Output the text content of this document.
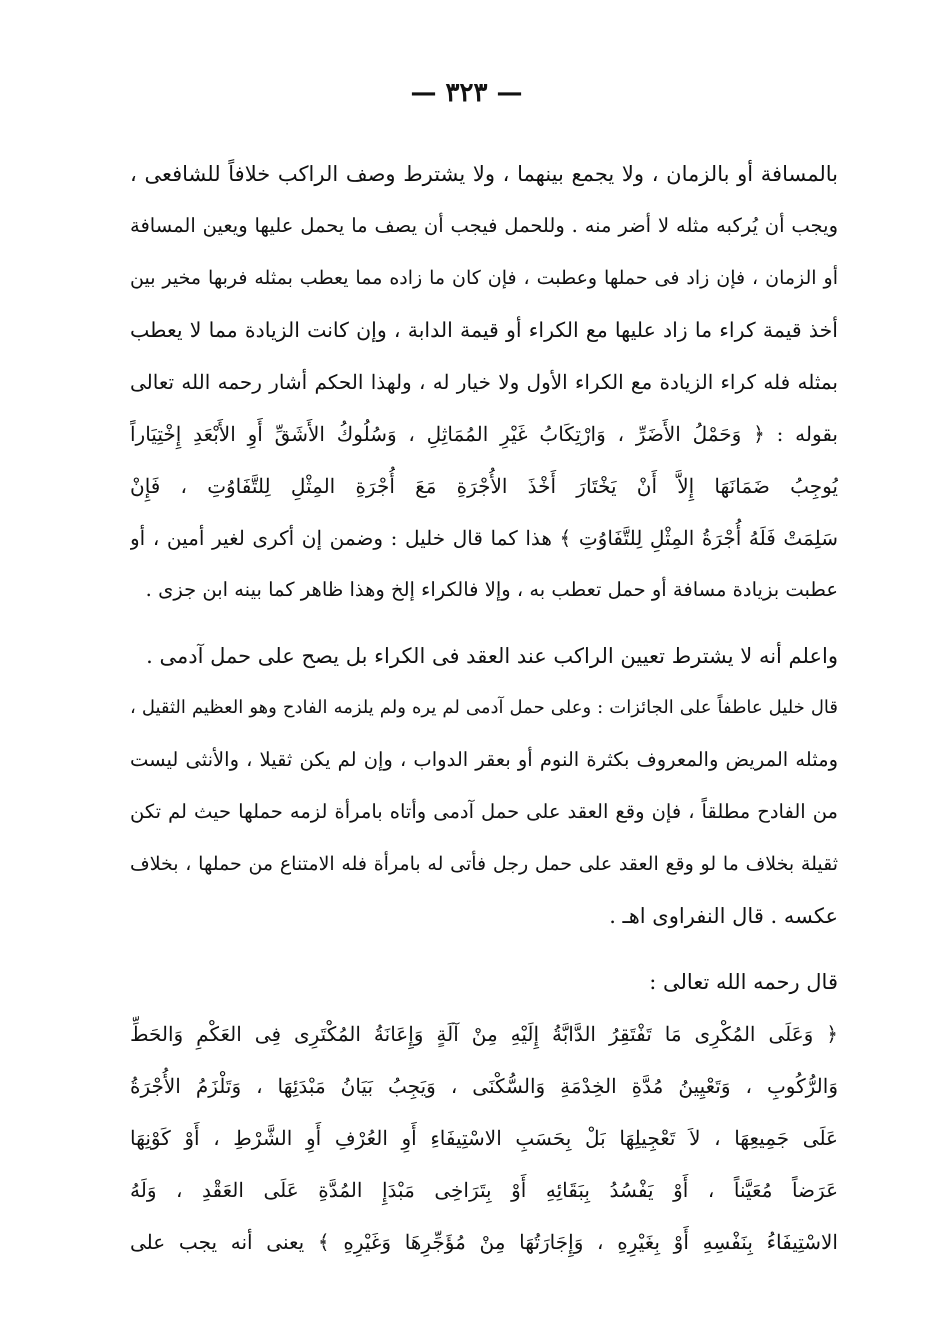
— ٣٢٣ —
بالمسافة أو بالزمان ، ولا يجمع بينهما ، ولا يشترط وصف الراكب خلافاً للشافعى ،
ويجب أن يُركبه مثله لا أضر منه . وللحمل فيجب أن يصف ما يحمل عليها ويعين المسافة
أو الزمان ، فإن زاد فى حملها وعطبت ، فإن كان ما زاده مما يعطب بمثله فربها مخير بين
أخذ قيمة كراء ما زاد عليها مع الكراء أو قيمة الدابة ، وإن كانت الزيادة مما لا يعطب
بمثله فله كراء الزيادة مع الكراء الأول ولا خيار له ، ولهذا الحكم أشار رحمه الله تعالى
بقوله : ﴿ وَحَمْلُ الأَضَرِّ ، وَارْتِكَابُ غَيْرِ المُمَاثِلِ ، وَسُلُوكُ الأَشَقِّ أَوِ الأَبْعَدِ إِخْتِيَاراً
يُوجِبُ ضَمَانَهَا إِلاَّ أَنْ يَخْتَارَ أَخْذَ الأُجْرَةِ مَعَ أُجْرَةِ المِثْلِ لِلتَّفَاوُتِ ، فَإِنْ
سَلِمَتْ فَلَهُ أُجْرَةُ المِثْلِ لِلتَّفَاوُتِ ﴾ هذا كما قال خليل : وضمن إن أكرى لغير أمين ، أو
عطبت بزيادة مسافة أو حمل تعطب به ، وإلا فالكراء إلخ وهذا ظاهر كما بينه ابن جزى .
واعلم أنه لا يشترط تعيين الراكب عند العقد فى الكراء بل يصح على حمل آدمى .
قال خليل عاطفاً على الجائزات : وعلى حمل آدمى لم يره ولم يلزمه الفادح وهو العظيم الثقيل ،
ومثله المريض والمعروف بكثرة النوم أو بعقر الدواب ، وإن لم يكن ثقيلا ، والأنثى ليست
من الفادح مطلقاً ، فإن وقع العقد على حمل آدمى وأتاه بامرأة لزمه حملها حيث لم تكن
ثقيلة بخلاف ما لو وقع العقد على حمل رجل فأتى له بامرأة فله الامتناع من حملها ، بخلاف
عكسه . قال النفراوى اهـ .
قال رحمه الله تعالى :
﴿ وَعَلَى المُكْرِى مَا تَفْتَقِرُ الدَّابَّةُ إِلَيْهِ مِنْ آلَةٍ وَإِعَانَةُ المُكْتَرِى فِى العَكْمِ وَالحَطِّ
وَالرُّكُوبِ ، وَتَعْيِينُ مُدَّةِ الخِدْمَةِ وَالسُّكْنَى ، وَيَجِبُ بَيَانُ مَبْدَئِهَا ، وَتَلْزَمُ الأُجْرَةُ
عَلَى جَمِيعِهَا ، لاَ تَعْجِيلِهَا بَلْ بِحَسَبِ الاسْتِيفَاءِ أَوِ العُرْفِ أَوِ الشَّرْطِ ، أَوْ كَوْنِهَا
عَرَضاً مُعَيَّناً ، أَوْ يَفْسُدُ بِبَقَائِهِ أَوْ بِتَرَاخِى مَبْدَإِ المُدَّةِ عَلَى العَقْدِ ، وَلَهُ
الاسْتِيفَاءُ بِنَفْسِهِ أَوْ بِغَيْرِهِ ، وَإِجَارَتُهَا مِنْ مُؤَجِّرِهَا وَغَيْرِهِ ﴾ يعنى أنه يجب على
